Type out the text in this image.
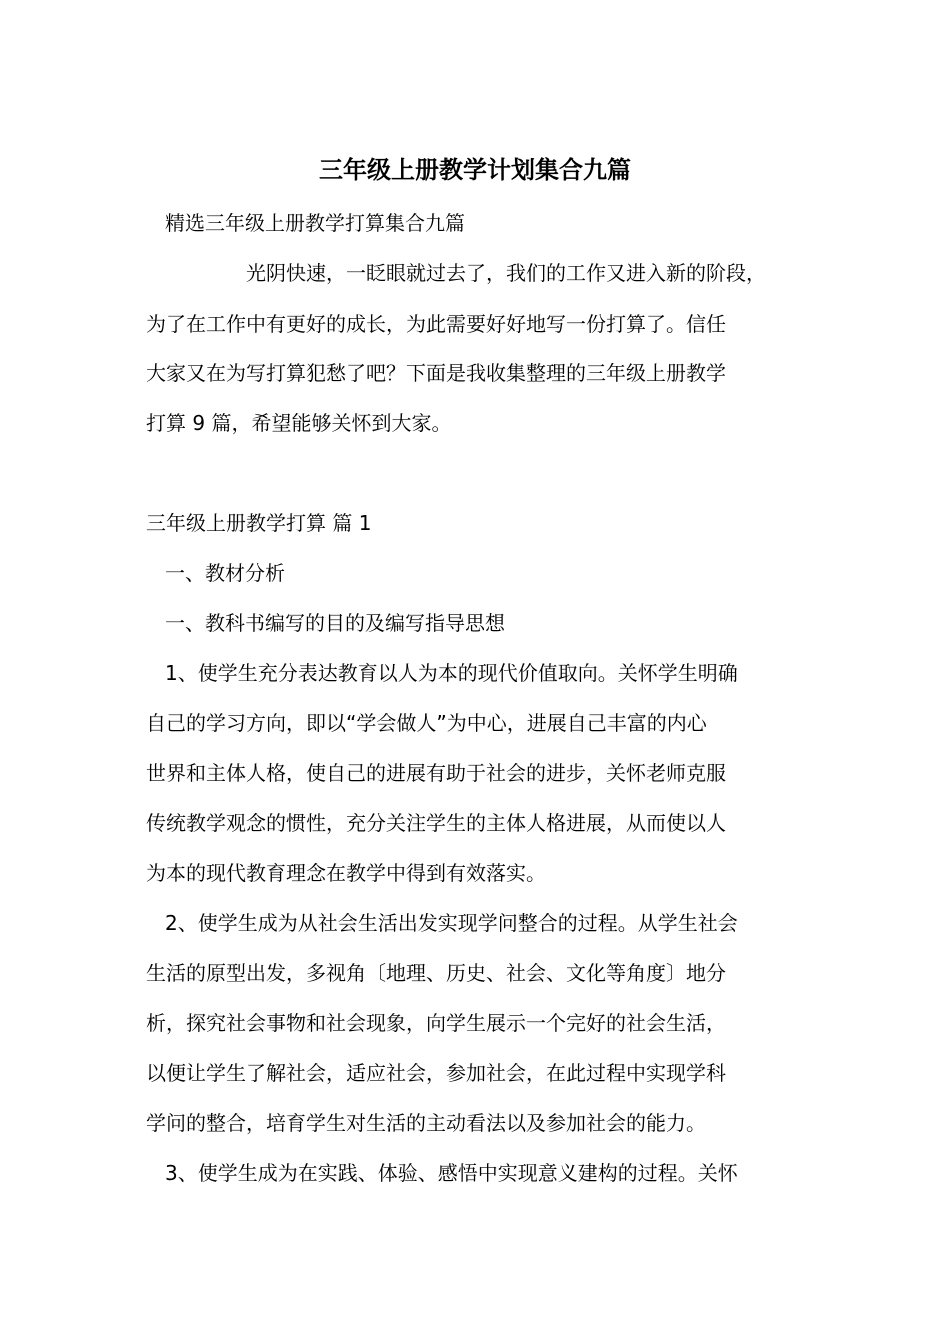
三年级上册教学计划集合九篇
精选三年级上册教学打算集合九篇
光阴快速，一眨眼就过去了，我们的工作又进入新的阶段，
为了在工作中有更好的成长，为此需要好好地写一份打算了。信任
大家又在为写打算犯愁了吧？下面是我收集整理的三年级上册教学
打算 9 篇，希望能够关怀到大家。
三年级上册教学打算 篇 1
一、教材分析
一、教科书编写的目的及编写指导思想
1、使学生充分表达教育以人为本的现代价值取向。关怀学生明确
自己的学习方向，即以“学会做人”为中心，进展自己丰富的内心
世界和主体人格，使自己的进展有助于社会的进步，关怀老师克服
传统教学观念的惯性，充分关注学生的主体人格进展，从而使以人
为本的现代教育理念在教学中得到有效落实。
2、使学生成为从社会生活出发实现学问整合的过程。从学生社会
生活的原型出发，多视角〔地理、历史、社会、文化等角度〕地分
析，探究社会事物和社会现象，向学生展示一个完好的社会生活，
以便让学生了解社会，适应社会，参加社会，在此过程中实现学科
学问的整合，培育学生对生活的主动看法以及参加社会的能力。
3、使学生成为在实践、体验、感悟中实现意义建构的过程。关怀
